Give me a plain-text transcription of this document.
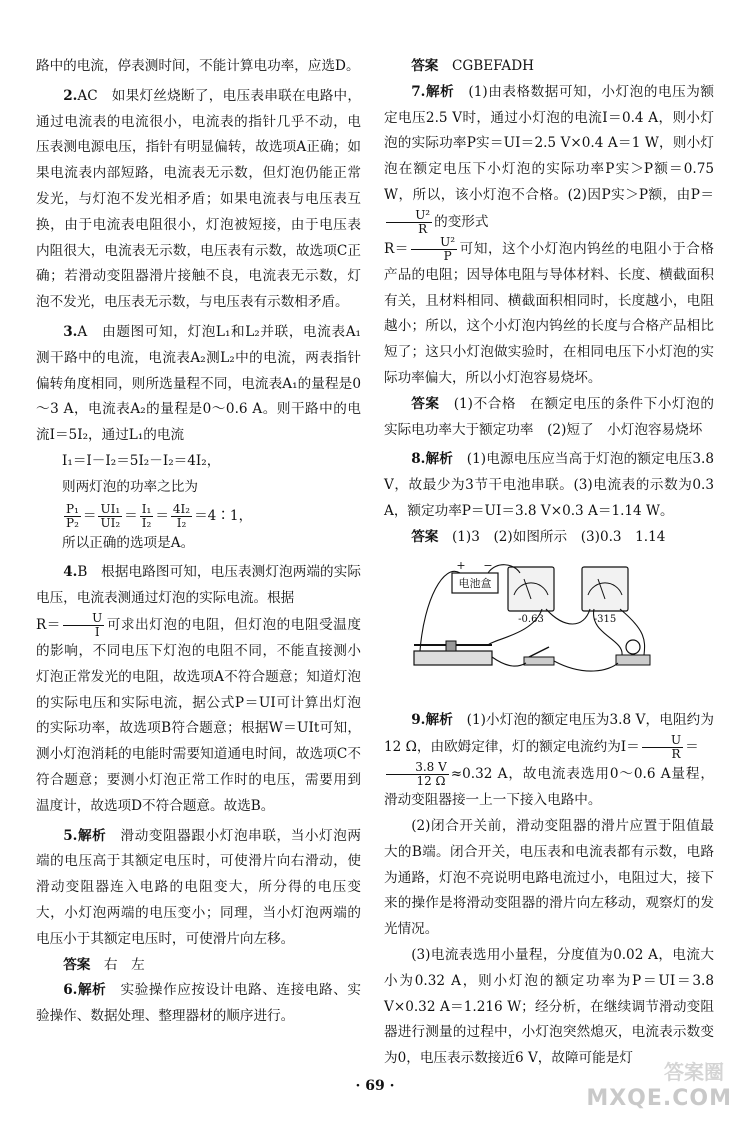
路中的电流，停表测时间，不能计算电功率，应选D。

2.AC　 如果灯丝烧断了，电压表串联在电路中，通过电流表的电流很小，电流表的指针几乎不动，电压表测电源电压，指针有明显偏转，故选项A正确；如果电流表内部短路，电流表无示数，但灯泡仍能正常发光，与灯泡不发光相矛盾；如果电流表与电压表互换，由于电流表电阻很小，灯泡被短接，由于电压表内阻很大，电流表无示数，电压表有示数，故选项C正确；若滑动变阻器滑片接触不良，电流表无示数，灯泡不发光，电压表无示数，与电压表有示数相矛盾。

3.A　 由题图可知，灯泡L₁和L₂并联，电流表A₁测干路中的电流，电流表A₂测L₂中的电流，两表指针偏转角度相同，则所选量程不同，电流表A₁的量程是0～3 A，电流表A₂的量程是0～0.6 A。则干路中的电流I＝5I₂，通过L₁的电流

I₁＝I－I₂＝5I₂－I₂＝4I₂，

则两灯泡的功率之比为

$\frac{\text{P₁}}{\text{P₂}} = \frac{\text{UI₁}}{\text{UI₂}} = \frac{\text{I₁}}{\text{I₂}} = \frac{\text{4I₂}}{\text{I₂}}$ ＝4∶1，

所以正确的选项是A。

4.B　 根据电路图可知，电压表测灯泡两端的实际电压，电流表测通过灯泡的实际电流。根据
$R= \frac{U}{I}$ 可求出灯泡的电阻，但灯泡的电阻受温度的影响，不同电压下灯泡的电阻不同，不能直接测小灯泡正常发光的电阻，故选项A不符合题意；知道灯泡的实际电压和实际电流，据公式P＝UI可计算出灯泡的实际功率，故选项B符合题意；根据W＝UIt可知，测小灯泡消耗的电能时需要知道通电时间，故选项C不符合题意；要测小灯泡正常工作时的电压，需要用到温度计，故选项D不符合题意。故选B。

5.解析　 滑动变阻器跟小灯泡串联，当小灯泡两端的电压高于其额定电压时，可使滑片向右滑动，使滑动变阻器连入电路的电阻变大，所分得的电压变大，小灯泡两端的电压变小；同理，当小灯泡两端的电压小于其额定电压时，可使滑片向左移。

答案　 右　左

6.解析　 实验操作应按设计电路、连接电路、实验操作、数据处理、整理器材的顺序进行。

答案　 CGBEFADH

7.解析　 (1)由表格数据可知，小灯泡的电压为额定电压2.5 V时，通过小灯泡的电流I＝0.4 A，则小灯泡的实际功率P实＝UI＝2.5 V×0.4 A＝1 W，则小灯泡在额定电压下小灯泡的实际功率P实＞P额＝0.75 W，所以，该小灯泡不合格。(2)因P实＞P额，由P＝
$\frac{\text{U²}}{R}$ 的变形式
$R= \frac{\text{U²}}{P}$ 可知，这个小灯泡内钨丝的电阻小于合格产品的电阻；因导体电阻与导体材料、长度、横截面积有关，且材料相同、横截面积相同时，长度越小，电阻越小；所以，这个小灯泡内钨丝的长度与合格产品相比短了；这只小灯泡做实验时，在相同电压下小灯泡的实际功率偏大，所以小灯泡容易烧坏。

答案　 (1)不合格　在额定电压的条件下小灯泡的实际电功率大于额定功率　(2)短了　小灯泡容易烧坏

8.解析　 (1)电源电压应当高于灯泡的额定电压3.8 V，故最少为3节干电池串联。(3)电流表的示数为0.3 A，额定功率P＝UI＝3.8 V×0.3 A＝1.14 W。

答案　 (1)3　(2)如图所示　(3)0.3　1.14

电池盒
+ −
-0.63	-315

9.解析　 (1)小灯泡的额定电压为3.8 V，电阻约为12 Ω，由欧姆定律，灯的额定电流约为$I= \frac{U}{R}$ ＝

$\frac{3.8 V}{12 \Omega} \approx 0.32$ A，故电流表选用0～0.6 A量程，滑动变阻器接一上一下接入电路中。

(2)闭合开关前，滑动变阻器的滑片应置于阻值最大的B端。闭合开关，电压表和电流表都有示数，电路为通路，灯泡不亮说明电路电流过小，电阻过大，接下来的操作是将滑动变阻器的滑片向左移动，观察灯的发光情况。

(3)电流表选用小量程，分度值为0.02 A，电流大小为0.32 A，则小灯泡的额定功率为P＝UI＝3.8 V×0.32 A＝1.216 W；经分析，在继续调节滑动变阻器进行测量的过程中，小灯泡突然熄灭，电流表示数变为0，电压表示数接近6 V，故障可能是灯

· 69 ·
答案圈
MXQE.COM
